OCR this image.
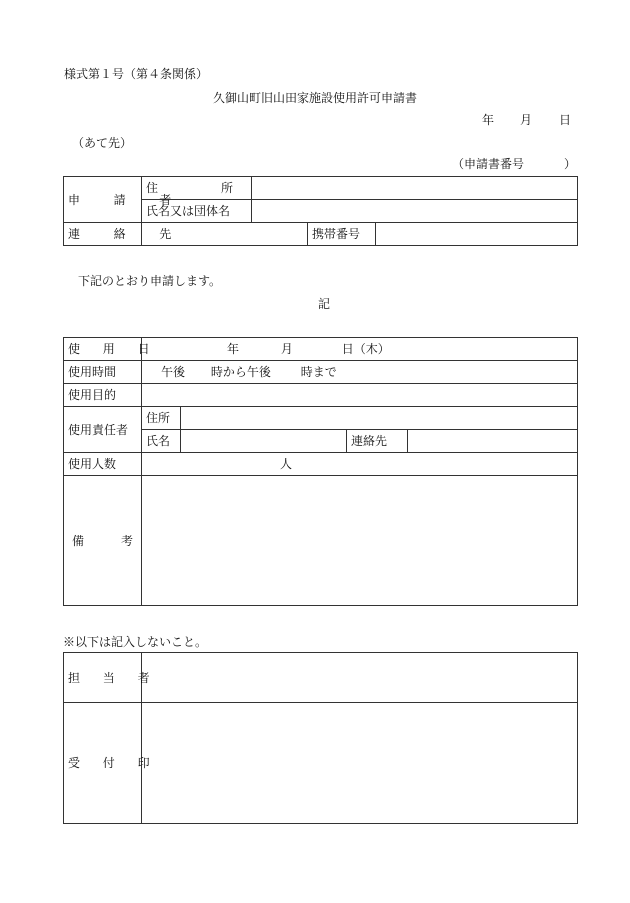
様式第１号（第４条関係）
久御山町旧山田家施設使用許可申請書
年 月 日
（あて先）
（申請書番号	）
申　請　者	住 所			

	氏名又は団体名			
連　絡　先			携帯番号	
下記のとおり申請します。
記
使　用　日	年 月 日（木）			
使用時間	午後 時から午後 時まで			
使用目的				
使用責任者	住所			
	氏名		連絡先	
使用人数	人			

備 考				

※以下は記入しないこと。
担　当　者	
受　付　印	
